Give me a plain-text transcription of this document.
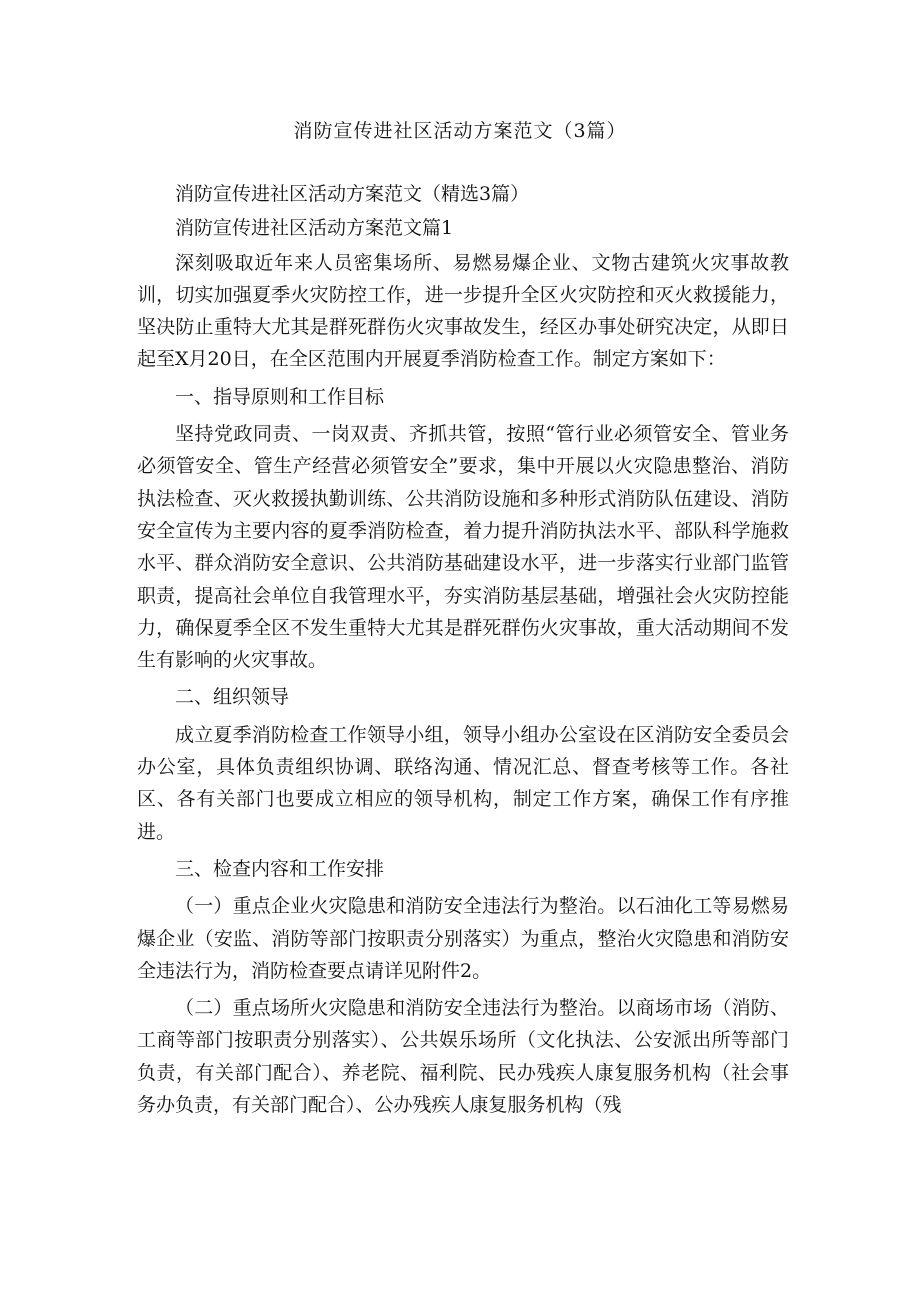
消防宣传进社区活动方案范文（3篇）

消防宣传进社区活动方案范文（精选3篇）

消防宣传进社区活动方案范文篇1

深刻吸取近年来人员密集场所、易燃易爆企业、文物古建筑火灾事故教训，切实加强夏季火灾防控工作，进一步提升全区火灾防控和灭火救援能力，坚决防止重特大尤其是群死群伤火灾事故发生，经区办事处研究决定，从即日起至X月20日，在全区范围内开展夏季消防检查工作。制定方案如下：

一、指导原则和工作目标

坚持党政同责、一岗双责、齐抓共管，按照“管行业必须管安全、管业务必须管安全、管生产经营必须管安全”要求，集中开展以火灾隐患整治、消防执法检查、灭火救援执勤训练、公共消防设施和多种形式消防队伍建设、消防安全宣传为主要内容的夏季消防检查，着力提升消防执法水平、部队科学施救水平、群众消防安全意识、公共消防基础建设水平，进一步落实行业部门监管职责，提高社会单位自我管理水平，夯实消防基层基础，增强社会火灾防控能力，确保夏季全区不发生重特大尤其是群死群伤火灾事故，重大活动期间不发生有影响的火灾事故。

二、组织领导

成立夏季消防检查工作领导小组，领导小组办公室设在区消防安全委员会办公室，具体负责组织协调、联络沟通、情况汇总、督查考核等工作。各社区、各有关部门也要成立相应的领导机构，制定工作方案，确保工作有序推进。

三、检查内容和工作安排

（一）重点企业火灾隐患和消防安全违法行为整治。以石油化工等易燃易爆企业（安监、消防等部门按职责分别落实）为重点，整治火灾隐患和消防安全违法行为，消防检查要点请详见附件2。

（二）重点场所火灾隐患和消防安全违法行为整治。以商场市场（消防、工商等部门按职责分别落实）、公共娱乐场所（文化执法、公安派出所等部门负责，有关部门配合）、养老院、福利院、民办残疾人康复服务机构（社会事务办负责，有关部门配合）、公办残疾人康复服务机构（残
